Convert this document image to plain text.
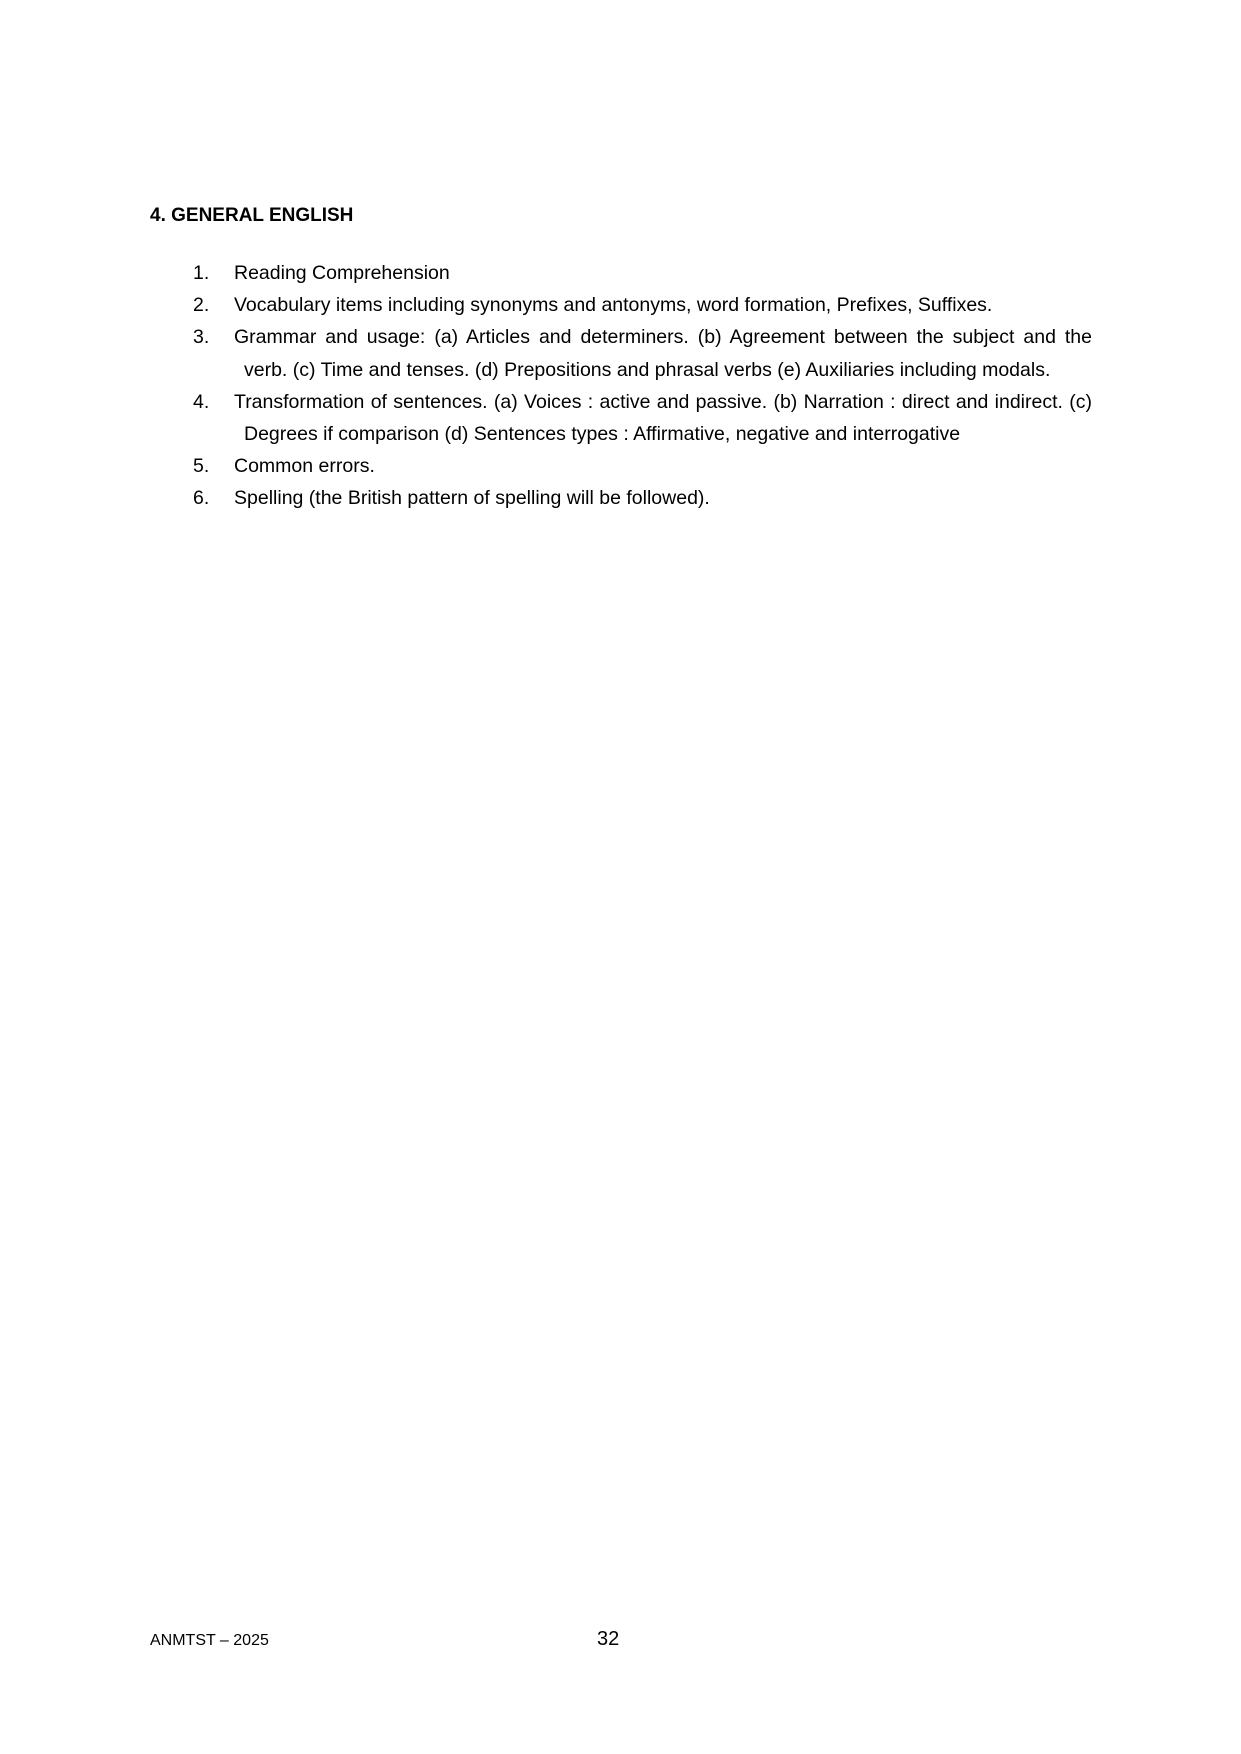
4. GENERAL ENGLISH
1. Reading Comprehension
2. Vocabulary items including synonyms and antonyms, word formation, Prefixes, Suffixes.
3. Grammar and usage: (a) Articles and determiners. (b) Agreement between the subject and the verb. (c) Time and tenses. (d) Prepositions and phrasal verbs (e) Auxiliaries including modals.
4. Transformation of sentences. (a) Voices : active and passive. (b) Narration : direct and indirect. (c) Degrees if comparison (d) Sentences types : Affirmative, negative and interrogative
5. Common errors.
6. Spelling (the British pattern of spelling will be followed).
ANMTST – 2025	32
